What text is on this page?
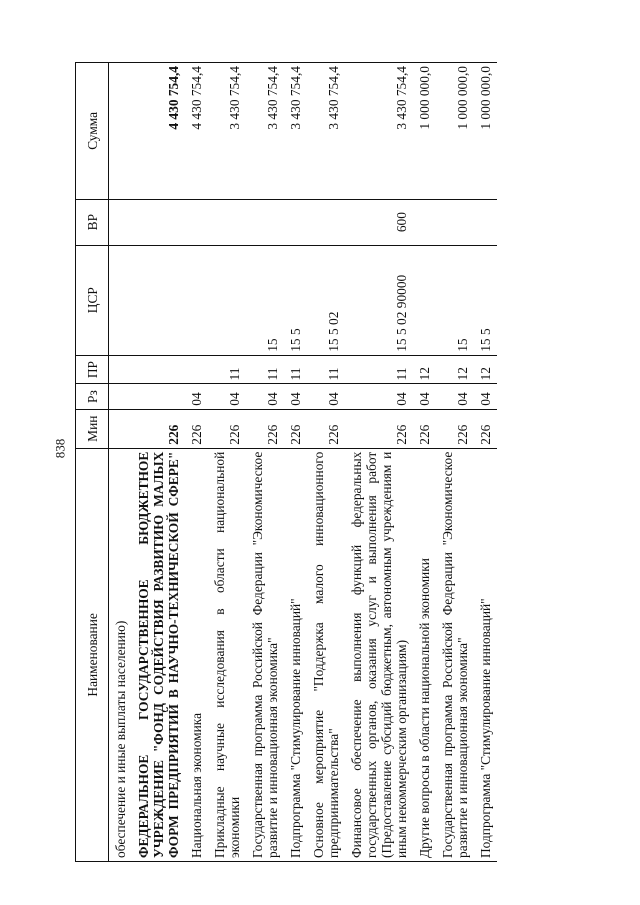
838
Наименование	Мин	Рз	ПР	ЦСР	ВР	Сумма
обеспечение и иные выплаты населению)						
ФЕДЕРАЛЬНОЕ ГОСУДАРСТВЕННОЕ БЮДЖЕТНОЕ УЧРЕЖДЕНИЕ "ФОНД СОДЕЙСТВИЯ РАЗВИТИЮ МАЛЫХ ФОРМ ПРЕДПРИЯТИЙ В НАУЧНО-ТЕХНИЧЕСКОЙ СФЕРЕ"	226					4 430 754,4
Национальная экономика	226	04				4 430 754,4
Прикладные научные исследования в области национальной экономики	226	04	11			3 430 754,4
Государственная программа Российской Федерации "Экономическое развитие и инновационная экономика"	226	04	11	15		3 430 754,4
Подпрограмма "Стимулирование инноваций"	226	04	11	15 5		3 430 754,4
Основное мероприятие "Поддержка малого инновационного предпринимательства"	226	04	11	15 5 02		3 430 754,4
Финансовое обеспечение выполнения функций федеральных государственных органов, оказания услуг и выполнения работ (Предоставление субсидий бюджетным, автономным учреждениям и иным некоммерческим организациям)	226	04	11	15 5 02 90000	600	3 430 754,4
Другие вопросы в области национальной экономики	226	04	12			1 000 000,0
Государственная программа Российской Федерации "Экономическое развитие и инновационная экономика"	226	04	12	15		1 000 000,0
Подпрограмма "Стимулирование инноваций"	226	04	12	15 5		1 000 000,0
